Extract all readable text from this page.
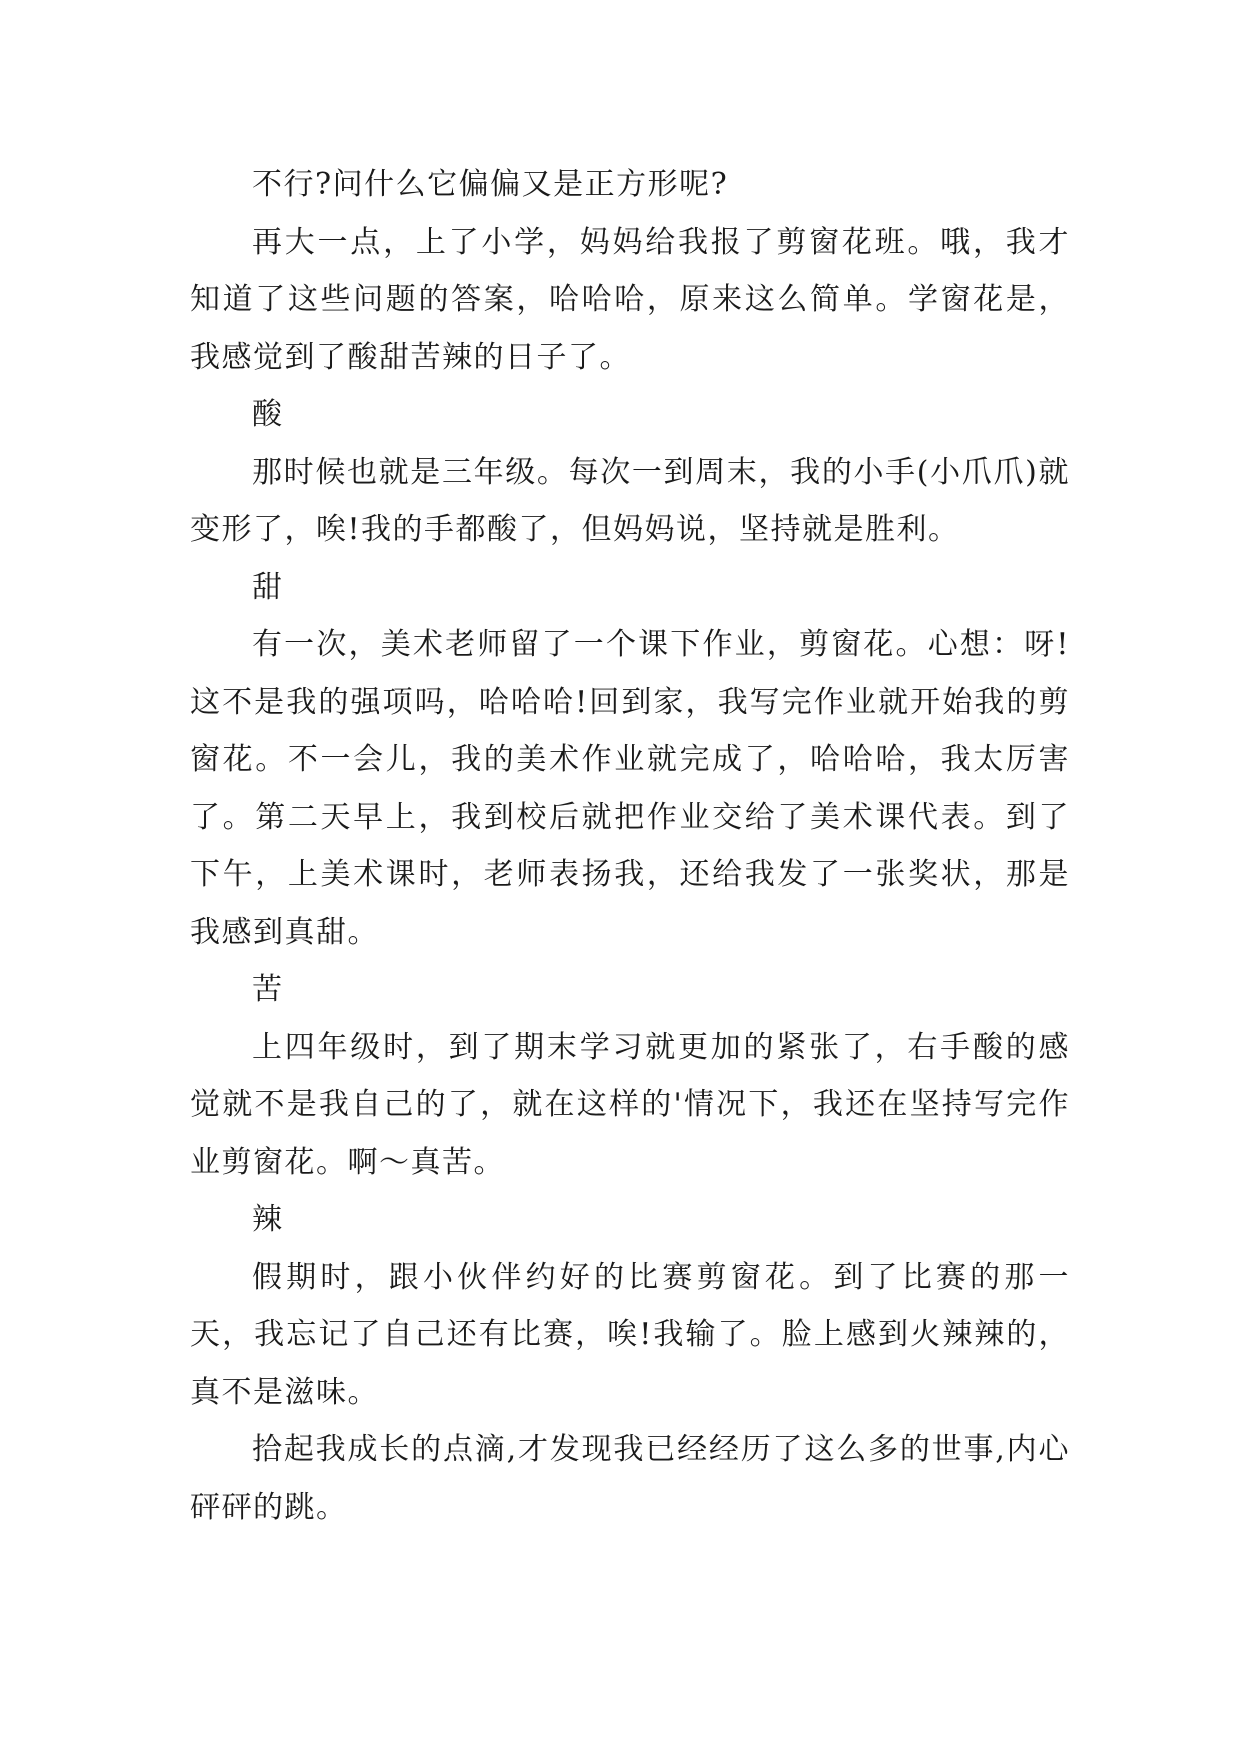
不行?问什么它偏偏又是正方形呢?

再大一点，上了小学，妈妈给我报了剪窗花班。哦，我才知道了这些问题的答案，哈哈哈，原来这么简单。学窗花是，我感觉到了酸甜苦辣的日子了。

酸

那时候也就是三年级。每次一到周末，我的小手(小爪爪)就变形了，唉!我的手都酸了，但妈妈说，坚持就是胜利。

甜

有一次，美术老师留了一个课下作业，剪窗花。心想：呀!这不是我的强项吗，哈哈哈!回到家，我写完作业就开始我的剪窗花。不一会儿，我的美术作业就完成了，哈哈哈，我太厉害了。第二天早上，我到校后就把作业交给了美术课代表。到了下午，上美术课时，老师表扬我，还给我发了一张奖状，那是我感到真甜。

苦

上四年级时，到了期末学习就更加的紧张了，右手酸的感觉就不是我自己的了，就在这样的'情况下，我还在坚持写完作业剪窗花。啊～真苦。

辣

假期时，跟小伙伴约好的比赛剪窗花。到了比赛的那一天，我忘记了自己还有比赛，唉!我输了。脸上感到火辣辣的，真不是滋味。

拾起我成长的点滴,才发现我已经经历了这么多的世事,内心砰砰的跳。
